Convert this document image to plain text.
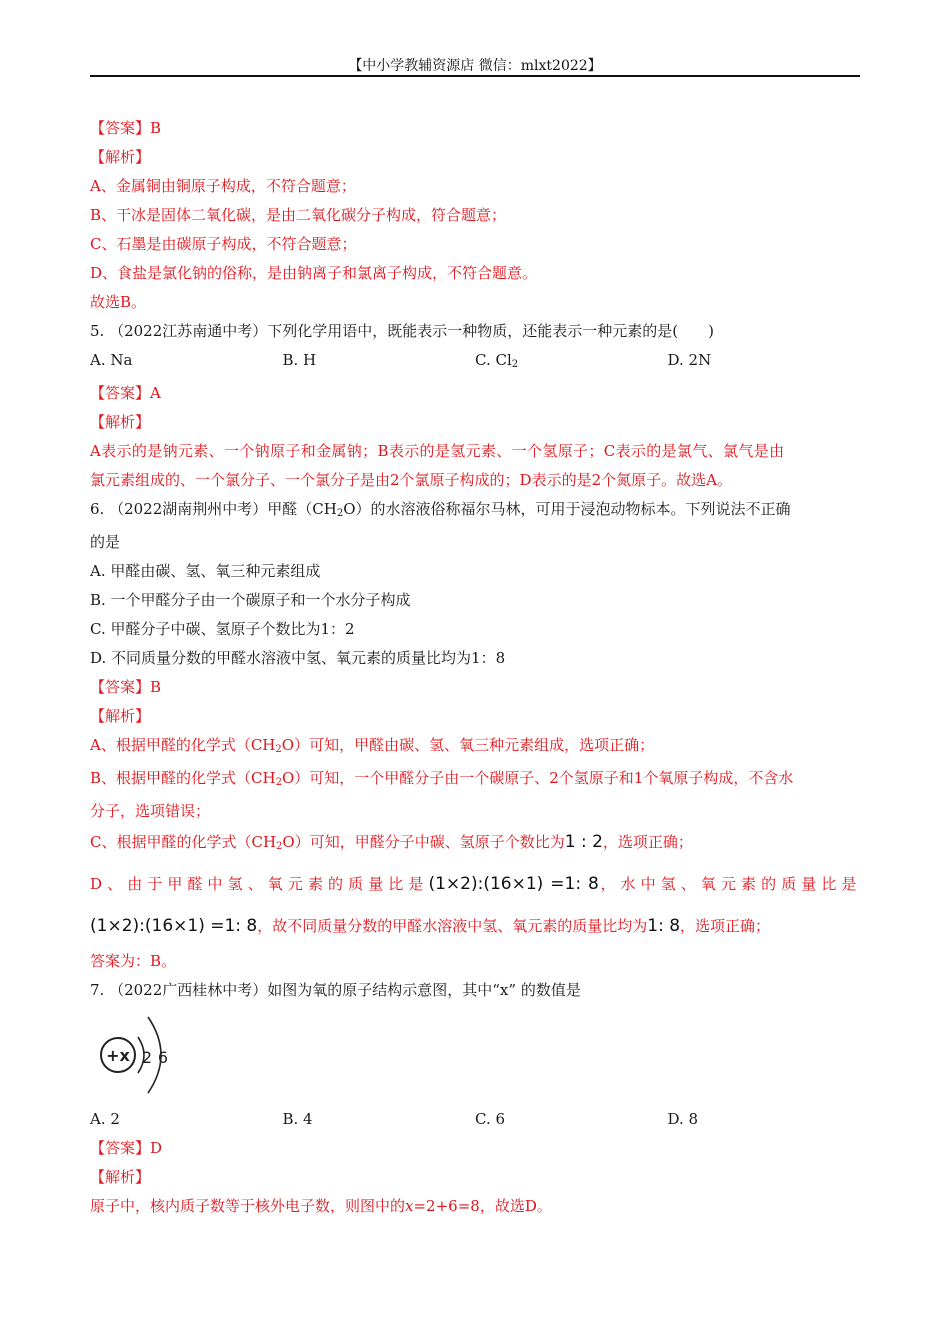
【中小学教辅资源店 微信：mlxt2022】
【答案】B
【解析】
A、金属铜由铜原子构成，不符合题意；
B、干冰是固体二氧化碳，是由二氧化碳分子构成，符合题意；
C、石墨是由碳原子构成，不符合题意；
D、食盐是氯化钠的俗称，是由钠离子和氯离子构成，不符合题意。
故选B。
5. （2022江苏南通中考）下列化学用语中，既能表示一种物质，还能表示一种元素的是(　　)
A. Na	B. H	C. $Cl_2$	D. 2N
【答案】A
【解析】
A表示的是钠元素、一个钠原子和金属钠；B表示的是氢元素、一个氢原子；C表示的是氯气、氯气是由
氯元素组成的、一个氯分子、一个氯分子是由2个氯原子构成的；D表示的是2个氮原子。故选A。
6. （2022湖南荆州中考）甲醛$(CH_2O)$的水溶液俗称福尔马林，可用于浸泡动物标本。下列说法不正确
的是
A. 甲醛由碳、氢、氧三种元素组成
B. 一个甲醛分子由一个碳原子和一个水分子构成
C. 甲醛分子中碳、氢原子个数比为1：2
D. 不同质量分数的甲醛水溶液中氢、氧元素的质量比均为1：8
【答案】B
【解析】
A、根据甲醛的化学式$(CH_2O)$可知，甲醛由碳、氢、氧三种元素组成，选项正确；
B、根据甲醛的化学式$(CH_2O)$可知，一个甲醛分子由一个碳原子、2个氢原子和1个氧原子构成，不含水
分子，选项错误；
C、根据甲醛的化学式$(CH_2O)$可知，甲醛分子中碳、氢原子个数比为1 : 2，选项正确；
D、由于甲醛中氢、氧元素的质量比是(1×2):(16×1) =1: 8，水中氢、氧元素的质量比是
(1×2):(16×1) =1: 8，故不同质量分数的甲醛水溶液中氢、氧元素的质量比均为1: 8，选项正确；
答案为：B。
7. （2022广西桂林中考）如图为氧的原子结构示意图，其中“x” 的数值是
+x 2 6
A. 2	B. 4	C. 6	D. 8
【答案】D
【解析】
原子中，核内质子数等于核外电子数，则图中的x=2+6=8，故选D。
